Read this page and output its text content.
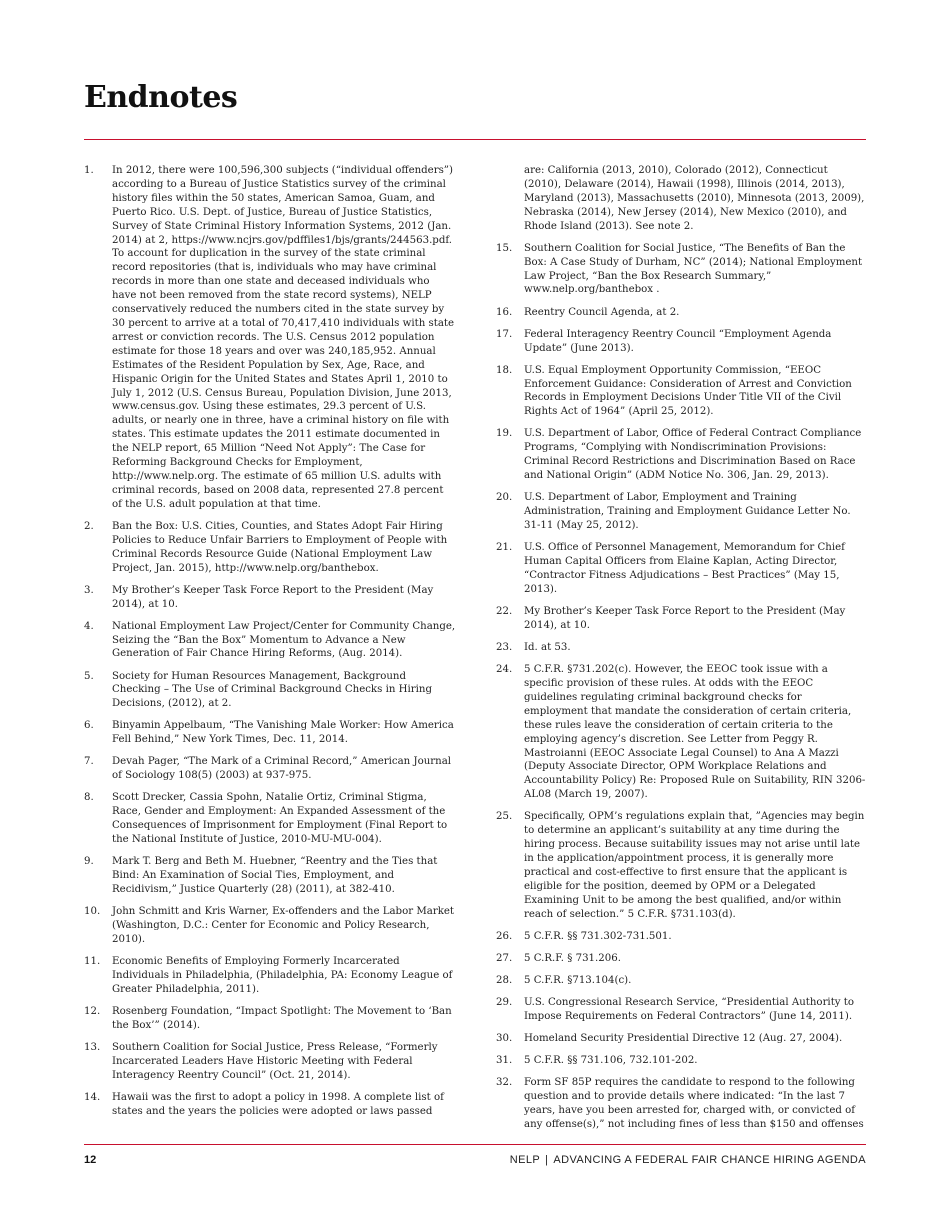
Endnotes
1.	In 2012, there were 100,596,300 subjects (“individual offenders”) according to a Bureau of Justice Statistics survey of the criminal history files within the 50 states, American Samoa, Guam, and Puerto Rico. U.S. Dept. of Justice, Bureau of Justice Statistics, Survey of State Criminal History Information Systems, 2012 (Jan. 2014) at 2, https://www.ncjrs.gov/pdffiles1/bjs/grants/244563.pdf. To account for duplication in the survey of the state criminal record repositories (that is, individuals who may have criminal records in more than one state and deceased individuals who have not been removed from the state record systems), NELP conservatively reduced the numbers cited in the state survey by 30 percent to arrive at a total of 70,417,410 individuals with state arrest or conviction records. The U.S. Census 2012 population estimate for those 18 years and over was 240,185,952. Annual Estimates of the Resident Population by Sex, Age, Race, and Hispanic Origin for the United States and States April 1, 2010 to July 1, 2012 (U.S. Census Bureau, Population Division, June 2013, www.census.gov. Using these estimates, 29.3 percent of U.S. adults, or nearly one in three, have a criminal history on file with states. This estimate updates the 2011 estimate documented in the NELP report, 65 Million “Need Not Apply”: The Case for Reforming Background Checks for Employment, http://www.nelp.org. The estimate of 65 million U.S. adults with criminal records, based on 2008 data, represented 27.8 percent of the U.S. adult population at that time.
2.	Ban the Box: U.S. Cities, Counties, and States Adopt Fair Hiring Policies to Reduce Unfair Barriers to Employment of People with Criminal Records Resource Guide (National Employment Law Project, Jan. 2015), http://www.nelp.org/banthebox.
3.	My Brother’s Keeper Task Force Report to the President (May 2014), at 10.
4.	National Employment Law Project/Center for Community Change, Seizing the “Ban the Box” Momentum to Advance a New Generation of Fair Chance Hiring Reforms, (Aug. 2014).
5.	Society for Human Resources Management, Background Checking – The Use of Criminal Background Checks in Hiring Decisions, (2012), at 2.
6.	Binyamin Appelbaum, “The Vanishing Male Worker: How America Fell Behind,” New York Times, Dec. 11, 2014.
7.	Devah Pager, “The Mark of a Criminal Record,” American Journal of Sociology 108(5) (2003) at 937-975.
8.	Scott Drecker, Cassia Spohn, Natalie Ortiz, Criminal Stigma, Race, Gender and Employment: An Expanded Assessment of the Consequences of Imprisonment for Employment (Final Report to the National Institute of Justice, 2010-MU-MU-004).
9.	Mark T. Berg and Beth M. Huebner, “Reentry and the Ties that Bind: An Examination of Social Ties, Employment, and Recidivism,” Justice Quarterly (28) (2011), at 382-410.
10.	John Schmitt and Kris Warner, Ex-offenders and the Labor Market (Washington, D.C.: Center for Economic and Policy Research, 2010).
11.	Economic Benefits of Employing Formerly Incarcerated Individuals in Philadelphia, (Philadelphia, PA: Economy League of Greater Philadelphia, 2011).
12.	Rosenberg Foundation, “Impact Spotlight: The Movement to ‘Ban the Box’” (2014).
13.	Southern Coalition for Social Justice, Press Release, “Formerly Incarcerated Leaders Have Historic Meeting with Federal Interagency Reentry Council” (Oct. 21, 2014).
14.	Hawaii was the first to adopt a policy in 1998. A complete list of states and the years the policies were adopted or laws passed
are: California (2013, 2010), Colorado (2012), Connecticut (2010), Delaware (2014), Hawaii (1998), Illinois (2014, 2013), Maryland (2013), Massachusetts (2010), Minnesota (2013, 2009), Nebraska (2014), New Jersey (2014), New Mexico (2010), and Rhode Island (2013). See note 2.
15.	Southern Coalition for Social Justice, “The Benefits of Ban the Box: A Case Study of Durham, NC” (2014); National Employment Law Project, “Ban the Box Research Summary,” www.nelp.org/banthebox .
16.	Reentry Council Agenda, at 2.
17.	Federal Interagency Reentry Council “Employment Agenda Update” (June 2013).
18.	U.S. Equal Employment Opportunity Commission, “EEOC Enforcement Guidance: Consideration of Arrest and Conviction Records in Employment Decisions Under Title VII of the Civil Rights Act of 1964” (April 25, 2012).
19.	U.S. Department of Labor, Office of Federal Contract Compliance Programs, “Complying with Nondiscrimination Provisions: Criminal Record Restrictions and Discrimination Based on Race and National Origin” (ADM Notice No. 306, Jan. 29, 2013).
20.	U.S. Department of Labor, Employment and Training Administration, Training and Employment Guidance Letter No. 31-11 (May 25, 2012).
21.	U.S. Office of Personnel Management, Memorandum for Chief Human Capital Officers from Elaine Kaplan, Acting Director, “Contractor Fitness Adjudications – Best Practices” (May 15, 2013).
22.	My Brother’s Keeper Task Force Report to the President (May 2014), at 10.
23.	Id. at 53.
24.	5 C.F.R. §731.202(c). However, the EEOC took issue with a specific provision of these rules. At odds with the EEOC guidelines regulating criminal background checks for employment that mandate the consideration of certain criteria, these rules leave the consideration of certain criteria to the employing agency’s discretion. See Letter from Peggy R. Mastroianni (EEOC Associate Legal Counsel) to Ana A Mazzi (Deputy Associate Director, OPM Workplace Relations and Accountability Policy) Re: Proposed Rule on Suitability, RIN 3206-AL08 (March 19, 2007).
25.	Specifically, OPM’s regulations explain that, ”Agencies may begin to determine an applicant’s suitability at any time during the hiring process. Because suitability issues may not arise until late in the application/appointment process, it is generally more practical and cost-effective to first ensure that the applicant is eligible for the position, deemed by OPM or a Delegated Examining Unit to be among the best qualified, and/or within reach of selection.” 5 C.F.R. §731.103(d).
26.	5 C.F.R. §§ 731.302-731.501.
27.	5 C.R.F. § 731.206.
28.	5 C.F.R. §713.104(c).
29.	U.S. Congressional Research Service, “Presidential Authority to Impose Requirements on Federal Contractors” (June 14, 2011).
30.	Homeland Security Presidential Directive 12 (Aug. 27, 2004).
31.	5 C.F.R. §§ 731.106, 732.101-202.
32.	Form SF 85P requires the candidate to respond to the following question and to provide details where indicated: “In the last 7 years, have you been arrested for, charged with, or convicted of any offense(s),” not including fines of less than $150 and offenses
12	NELP | ADVANCING A FEDERAL FAIR CHANCE HIRING AGENDA
